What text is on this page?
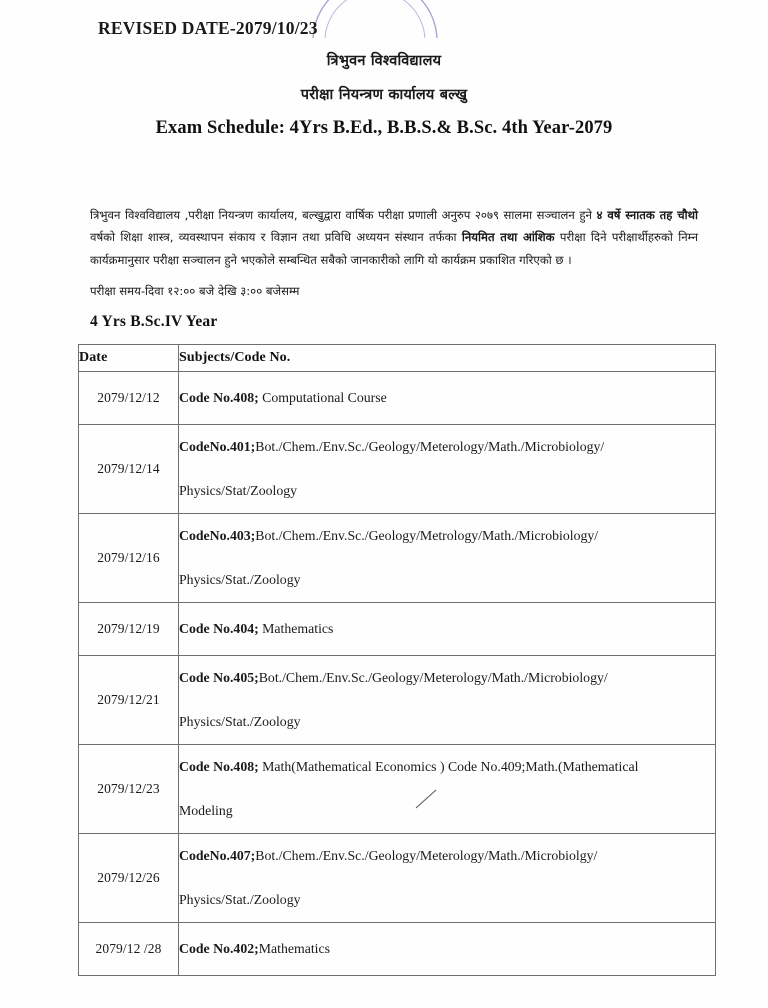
REVISED DATE-2079/10/23
त्रिभुवन विश्वविद्यालय
परीक्षा नियन्त्रण कार्यालय बल्खु
Exam Schedule: 4Yrs B.Ed., B.B.S.& B.Sc. 4th Year-2079

त्रिभुवन विश्वविद्यालय ,परीक्षा नियन्त्रण कार्यालय, बल्खुद्वारा वार्षिक परीक्षा प्रणाली अनुरुप २०७९ सालमा सञ्चालन हुने ४ वर्षे स्नातक तह चौथो वर्षको शिक्षा शास्त्र, व्यवस्थापन संकाय र विज्ञान तथा प्रविधि अध्ययन संस्थान तर्फका नियमित तथा आंशिक परीक्षा दिने परीक्षार्थीहरुको निम्न कार्यक्रमानुसार परीक्षा सञ्चालन हुने भएकोले सम्बन्धित सबैको जानकारीको लागि यो कार्यक्रम प्रकाशित गरिएको छ ।

परीक्षा समय-दिवा १२:०० बजे देखि ३:०० बजेसम्म
4 Yrs B.Sc.IV Year
Date	Subjects/Code No.
2079/12/12	Code No.408; Computational Course
2079/12/14	CodeNo.401;Bot./Chem./Env.Sc./Geology/Meterology/Math./Microbiology/
Physics/Stat/Zoology

2079/12/16	CodeNo.403;Bot./Chem./Env.Sc./Geology/Metrology/Math./Microbiology/
Physics/Stat./Zoology

2079/12/19	Code No.404; Mathematics
2079/12/21	Code No.405;Bot./Chem./Env.Sc./Geology/Meterology/Math./Microbiology/
Physics/Stat./Zoology

2079/12/23	Code No.408; Math(Mathematical Economics ) Code No.409;Math.(Mathematical
Modeling

2079/12/26	CodeNo.407;Bot./Chem./Env.Sc./Geology/Meterology/Math./Microbiolgy/
Physics/Stat./Zoology

2079/12 /28	Code No.402;Mathematics
